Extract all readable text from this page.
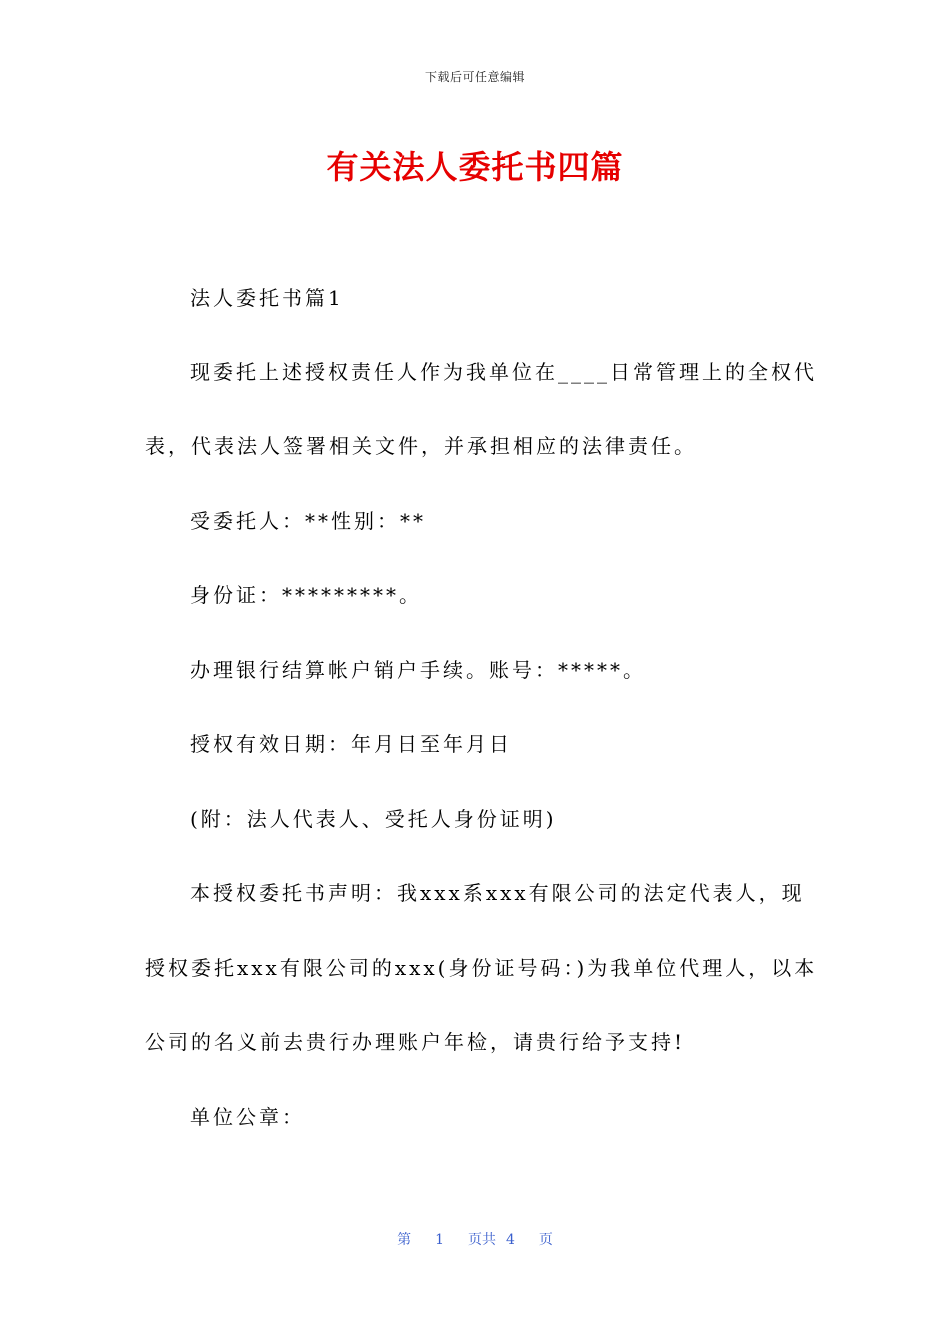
下载后可任意编辑
有关法人委托书四篇
法人委托书篇1
现委托上述授权责任人作为我单位在____日常管理上的全权代
表，代表法人签署相关文件，并承担相应的法律责任。
受委托人：**性别：**
身份证：*********。
办理银行结算帐户销户手续。账号：*****。
授权有效日期：年月日至年月日
(附：法人代表人、受托人身份证明)
本授权委托书声明：我xxx系xxx有限公司的法定代表人，现
授权委托xxx有限公司的xxx(身份证号码：)为我单位代理人，以本
公司的名义前去贵行办理账户年检，请贵行给予支持!
单位公章：
第 1 页共 4 页
